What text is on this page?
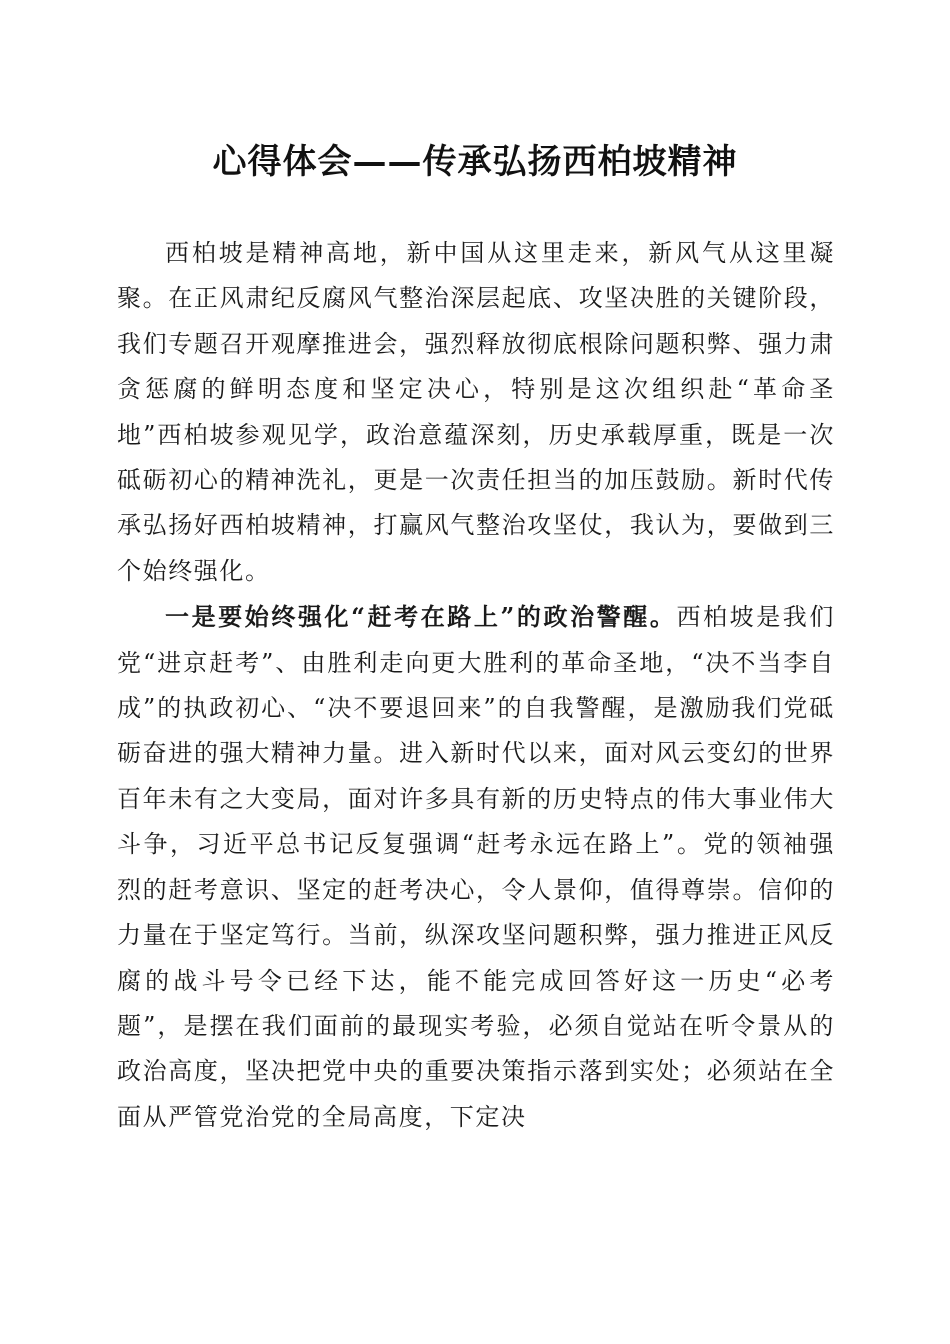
心得体会——传承弘扬西柏坡精神

西柏坡是精神高地，新中国从这里走来，新风气从这里凝聚。在正风肃纪反腐风气整治深层起底、攻坚决胜的关键阶段，我们专题召开观摩推进会，强烈释放彻底根除问题积弊、强力肃贪惩腐的鲜明态度和坚定决心，特别是这次组织赴“革命圣地”西柏坡参观见学，政治意蕴深刻，历史承载厚重，既是一次砥砺初心的精神洗礼，更是一次责任担当的加压鼓励。新时代传承弘扬好西柏坡精神，打赢风气整治攻坚仗，我认为，要做到三个始终强化。

一是要始终强化“赶考在路上”的政治警醒。西柏坡是我们党“进京赶考”、由胜利走向更大胜利的革命圣地，“决不当李自成”的执政初心、“决不要退回来”的自我警醒，是激励我们党砥砺奋进的强大精神力量。进入新时代以来，面对风云变幻的世界百年未有之大变局，面对许多具有新的历史特点的伟大事业伟大斗争，习近平总书记反复强调“赶考永远在路上”。党的领袖强烈的赶考意识、坚定的赶考决心，令人景仰，值得尊崇。信仰的力量在于坚定笃行。当前，纵深攻坚问题积弊，强力推进正风反腐的战斗号令已经下达，能不能完成回答好这一历史“必考题”，是摆在我们面前的最现实考验，必须自觉站在听令景从的政治高度，坚决把党中央的重要决策指示落到实处；必须站在全面从严管党治党的全局高度，下定决
